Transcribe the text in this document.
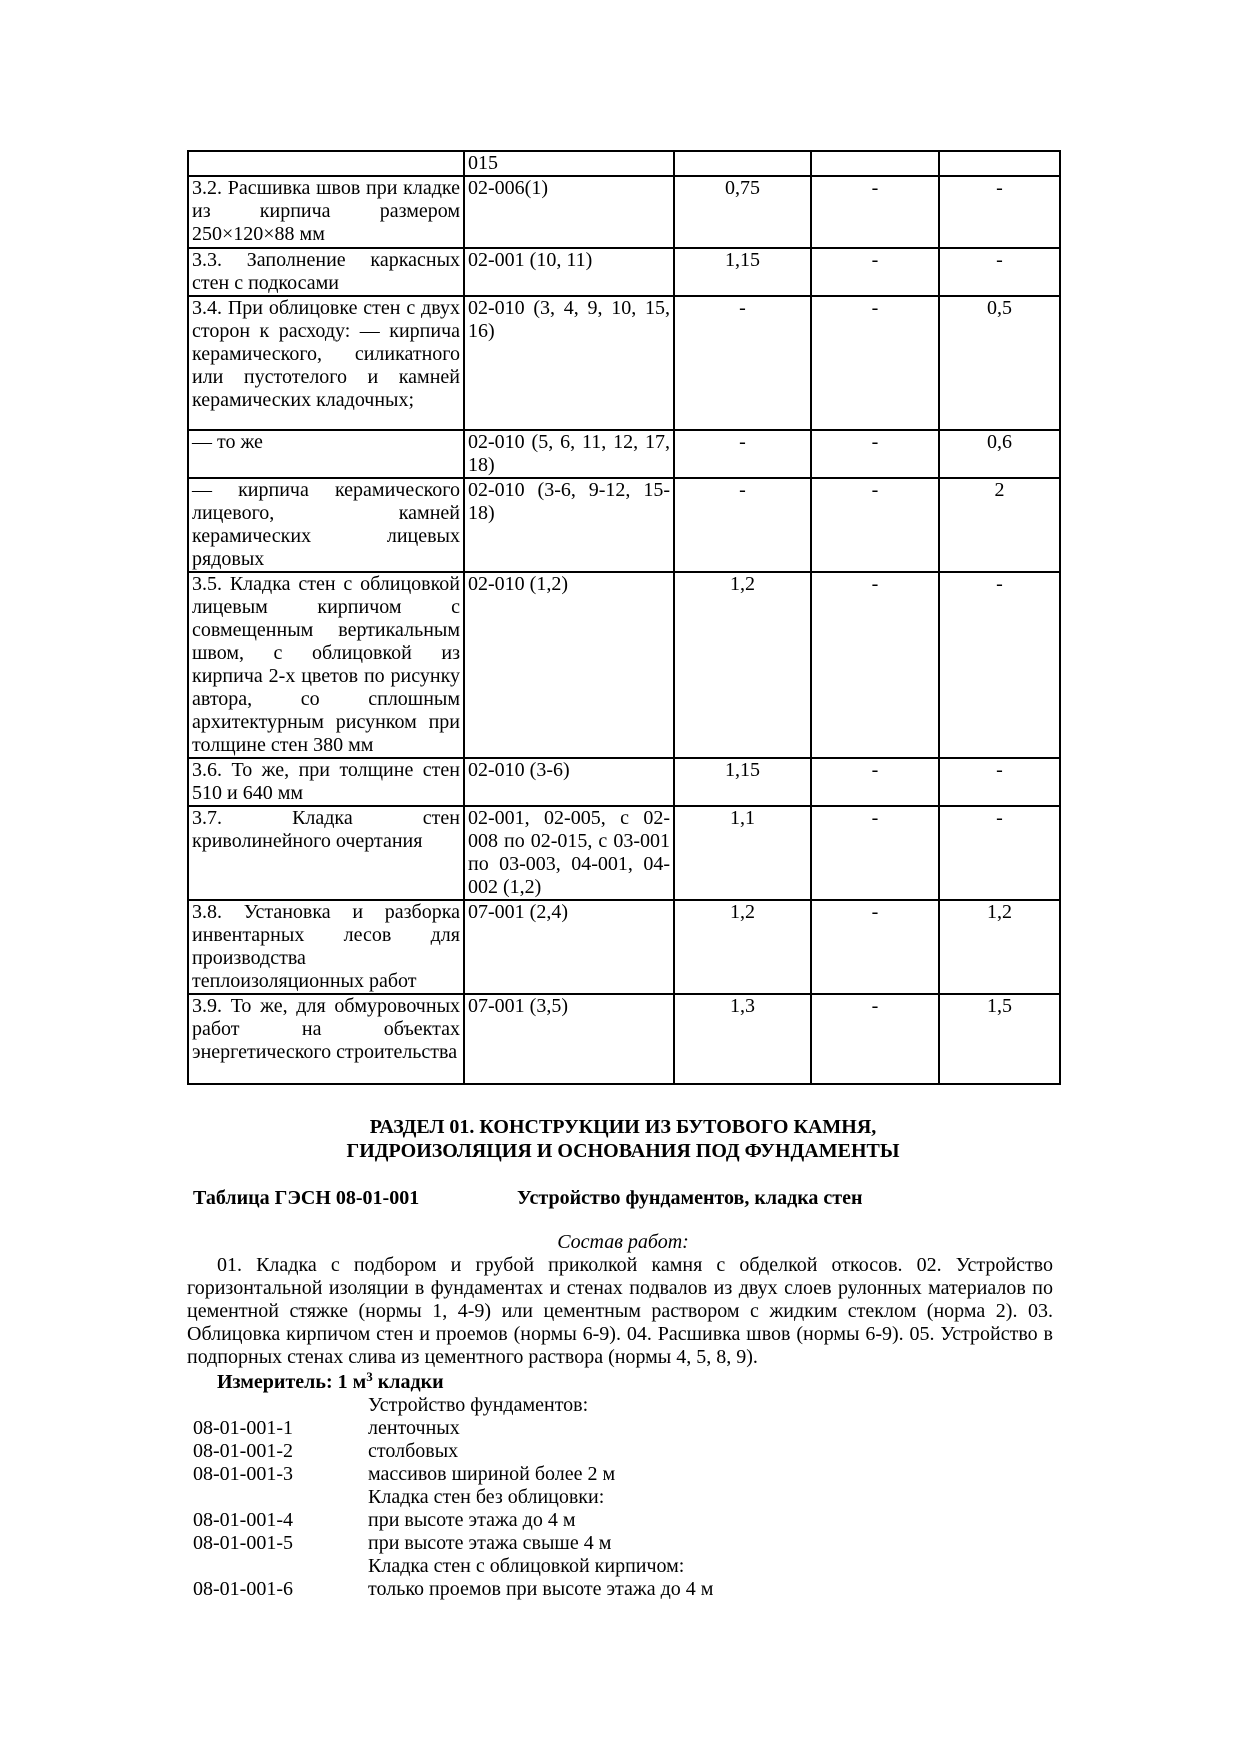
	015			
3.2. Расшивка швов при кладке из кирпича размером 250×120×88 мм	02-006(1)	0,75	-	-
3.3. Заполнение каркасных стен с подкосами	02-001 (10, 11)	1,15	-	-
3.4. При облицовке стен с двух сторон к расходу: — кирпича керамического, силикатного или пустотелого и камней керамических кладочных;	02-010 (3, 4, 9, 10, 15, 16)	-	-	0,5
— то же	02-010 (5, 6, 11, 12, 17, 18)	-	-	0,6
— кирпича керамического лицевого, камней керамических лицевых рядовых	02-010 (3-6, 9-12, 15-18)	-	-	2
3.5. Кладка стен с облицовкой лицевым кирпичом с совмещенным вертикальным швом, с облицовкой из кирпича 2-х цветов по рисунку автора, со сплошным архитектурным рисунком при толщине стен 380 мм	02-010 (1,2)	1,2	-	-
3.6. То же, при толщине стен 510 и 640 мм	02-010 (3-6)	1,15	-	-
3.7. Кладка стен криволинейного очертания	02-001, 02-005, с 02-008 по 02-015, с 03-001 по 03-003, 04-001, 04-002 (1,2)	1,1	-	-
3.8. Установка и разборка инвентарных лесов для производства теплоизоляционных работ	07-001 (2,4)	1,2	-	1,2
3.9. То же, для обмуровочных работ на объектах энергетического строительства	07-001 (3,5)	1,3	-	1,5
РАЗДЕЛ 01. КОНСТРУКЦИИ ИЗ БУТОВОГО КАМНЯ,
ГИДРОИЗОЛЯЦИЯ И ОСНОВАНИЯ ПОД ФУНДАМЕНТЫ
Таблица ГЭСН 08-01-001	Устройство фундаментов, кладка стен
Состав работ:
01. Кладка с подбором и грубой приколкой камня с обделкой откосов. 02. Устройство горизонтальной изоляции в фундаментах и стенах подвалов из двух слоев рулонных материалов по цементной стяжке (нормы 1, 4-9) или цементным раствором с жидким стеклом (норма 2). 03. Облицовка кирпичом стен и проемов (нормы 6-9). 04. Расшивка швов (нормы 6-9). 05. Устройство в подпорных стенах слива из цементного раствора (нормы 4, 5, 8, 9).
Измеритель: 1 $м^3$ кладки
Устройство фундаментов:
08-01-001-1	ленточных
08-01-001-2	столбовых
08-01-001-3	массивов шириной более 2 м
Кладка стен без облицовки:
08-01-001-4	при высоте этажа до 4 м
08-01-001-5	при высоте этажа свыше 4 м
Кладка стен с облицовкой кирпичом:
08-01-001-6	только проемов при высоте этажа до 4 м
